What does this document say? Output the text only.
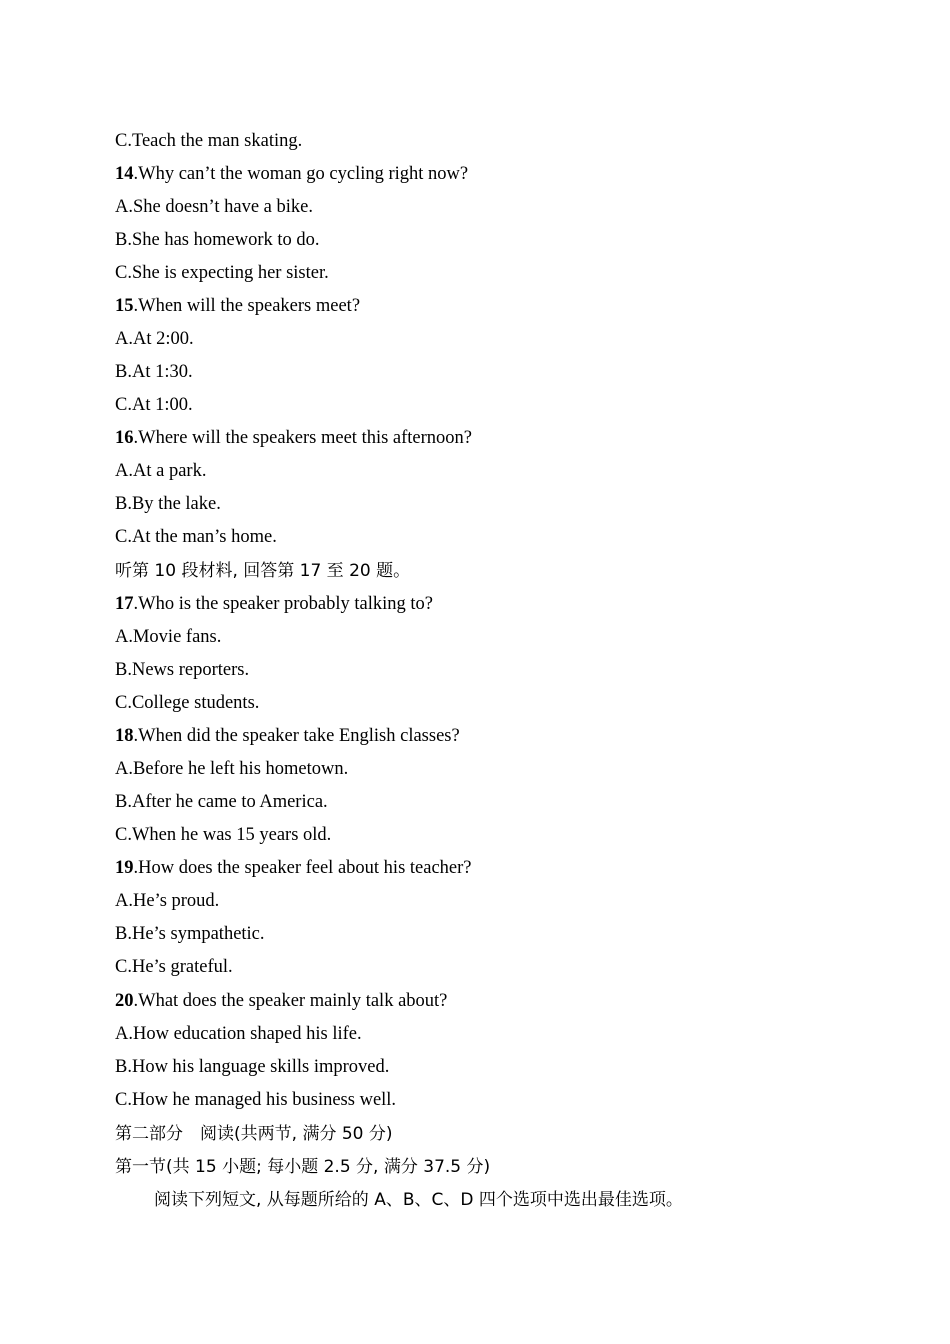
C.Teach the man skating.
14.Why can’t the woman go cycling right now?
A.She doesn’t have a bike.
B.She has homework to do.
C.She is expecting her sister.
15.When will the speakers meet?
A.At 2:00.
B.At 1:30.
C.At 1:00.
16.Where will the speakers meet this afternoon?
A.At a park.
B.By the lake.
C.At the man’s home.
听第 10 段材料, 回答第 17 至 20 题。
17.Who is the speaker probably talking to?
A.Movie fans.
B.News reporters.
C.College students.
18.When did the speaker take English classes?
A.Before he left his hometown.
B.After he came to America.
C.When he was 15 years old.
19.How does the speaker feel about his teacher?
A.He’s proud.
B.He’s sympathetic.
C.He’s grateful.
20.What does the speaker mainly talk about?
A.How education shaped his life.
B.How his language skills improved.
C.How he managed his business well.
第二部分　阅读(共两节, 满分 50 分)
第一节(共 15 小题; 每小题 2.5 分, 满分 37.5 分)
阅读下列短文, 从每题所给的 A、B、C、D 四个选项中选出最佳选项。
